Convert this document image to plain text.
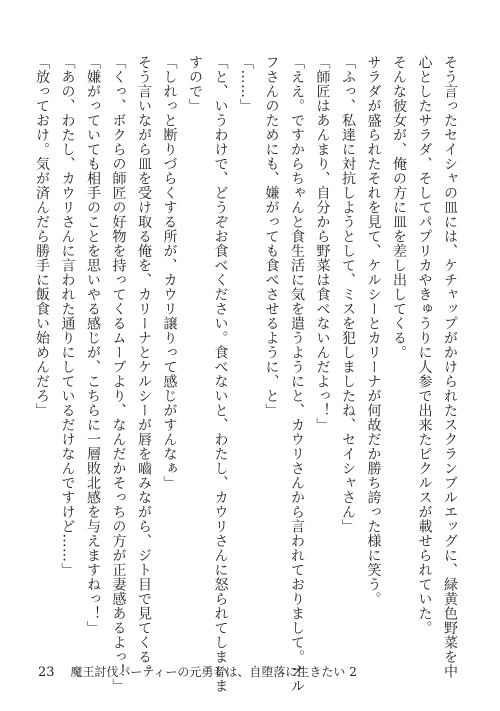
そう言ったセイシャの皿には、ケチャップがかけられたスクランブルエッグに、緑黄色野菜を中
心としたサラダ、そしてパプリカやきゅうりに人参で出来たピクルスが載せられていた。
そんな彼女が、俺の方に皿を差し出してくる。
サラダが盛られたそれを見て、ケルシーとカリーナが何故だか勝ち誇った様に笑う。
「ふっ、私達に対抗しようとして、ミスを犯しましたね、セイシャさん」
「師匠はあんまり、自分から野菜は食べないんだよっ！」
「ええ。ですからちゃんと食生活に気を遣うようにと、カウリさんから言われておりまして。オル
フさんのためにも、嫌がっても食べさせるように、と」
「……」
「と、いうわけで、どうぞお食べください。食べないと、わたし、カウリさんに怒られてしまいま
すので」
「しれっと断りづらくする所が、カウリ譲りって感じがすんなぁ」
そう言いながら皿を受け取る俺を、カリーナとケルシーが唇を嚙みながら、ジト目で見てくる。
「くっ、ボクらの師匠の好物を持ってくるムーブより、なんだかそっちの方が正妻感あるよっ！」
「嫌がっていても相手のことを思いやる感じが、こちらに一層敗北感を与えますねっ！」
「あの、わたし、カウリさんに言われた通りにしているだけなんですけど……」
「放っておけ。気が済んだら勝手に飯食い始めんだろ」
23 魔王討伐パーティーの元勇者は、自堕落に生きたい 2
